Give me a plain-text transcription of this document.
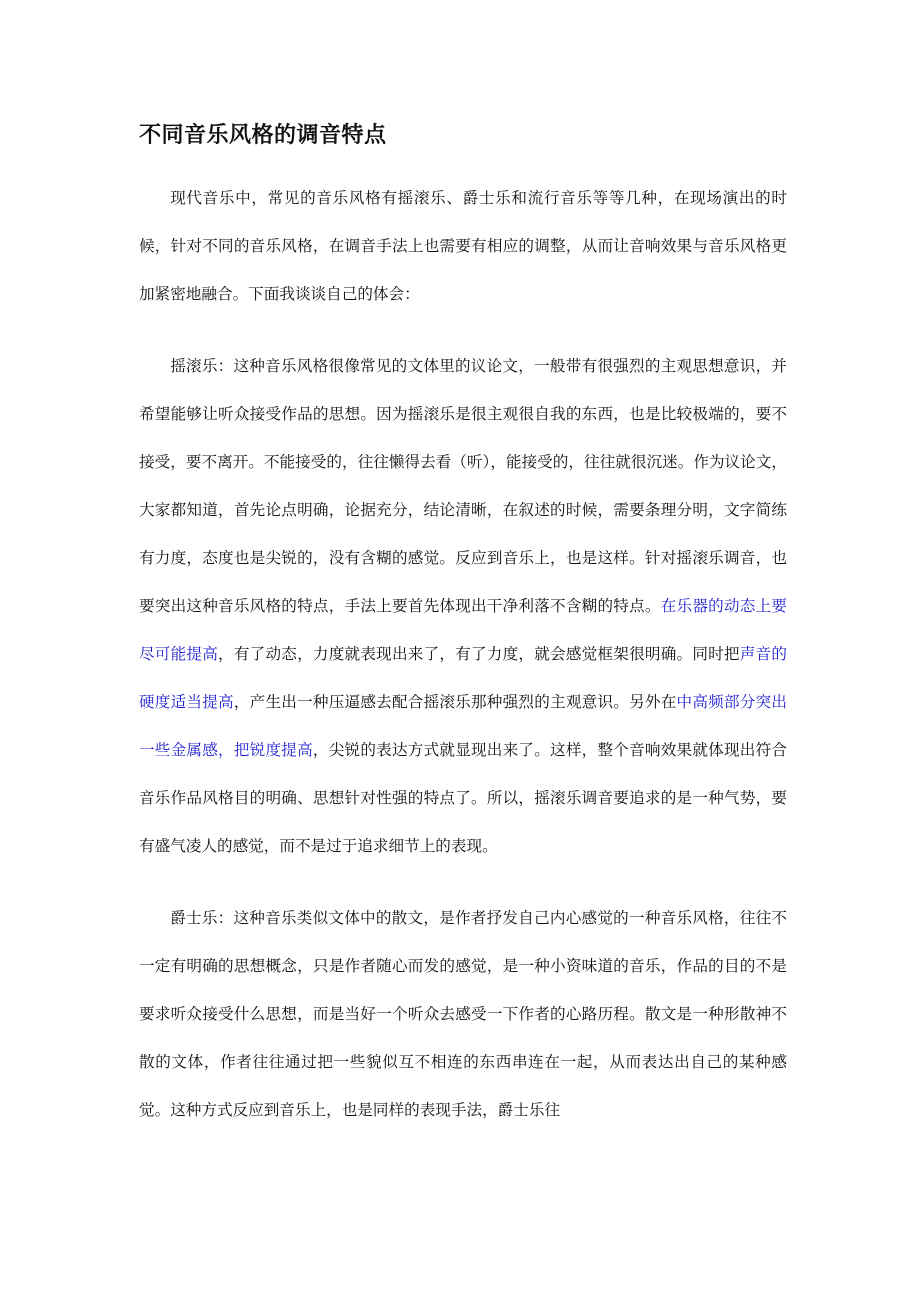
不同音乐风格的调音特点

现代音乐中，常见的音乐风格有摇滚乐、爵士乐和流行音乐等等几种，在现场演出的时候，针对不同的音乐风格，在调音手法上也需要有相应的调整，从而让音响效果与音乐风格更加紧密地融合。下面我谈谈自己的体会：

摇滚乐：这种音乐风格很像常见的文体里的议论文，一般带有很强烈的主观思想意识，并希望能够让听众接受作品的思想。因为摇滚乐是很主观很自我的东西，也是比较极端的，要不接受，要不离开。不能接受的，往往懒得去看（听），能接受的，往往就很沉迷。作为议论文，大家都知道，首先论点明确，论据充分，结论清晰，在叙述的时候，需要条理分明，文字简练有力度，态度也是尖锐的，没有含糊的感觉。反应到音乐上，也是这样。针对摇滚乐调音，也要突出这种音乐风格的特点，手法上要首先体现出干净利落不含糊的特点。在乐器的动态上要尽可能提高，有了动态，力度就表现出来了，有了力度，就会感觉框架很明确。同时把声音的硬度适当提高，产生出一种压逼感去配合摇滚乐那种强烈的主观意识。另外在中高频部分突出一些金属感，把锐度提高，尖锐的表达方式就显现出来了。这样，整个音响效果就体现出符合音乐作品风格目的明确、思想针对性强的特点了。所以，摇滚乐调音要追求的是一种气势，要有盛气凌人的感觉，而不是过于追求细节上的表现。

爵士乐：这种音乐类似文体中的散文，是作者抒发自己内心感觉的一种音乐风格，往往不一定有明确的思想概念，只是作者随心而发的感觉，是一种小资味道的音乐，作品的目的不是要求听众接受什么思想，而是当好一个听众去感受一下作者的心路历程。散文是一种形散神不散的文体，作者往往通过把一些貌似互不相连的东西串连在一起，从而表达出自己的某种感觉。这种方式反应到音乐上，也是同样的表现手法，爵士乐往
